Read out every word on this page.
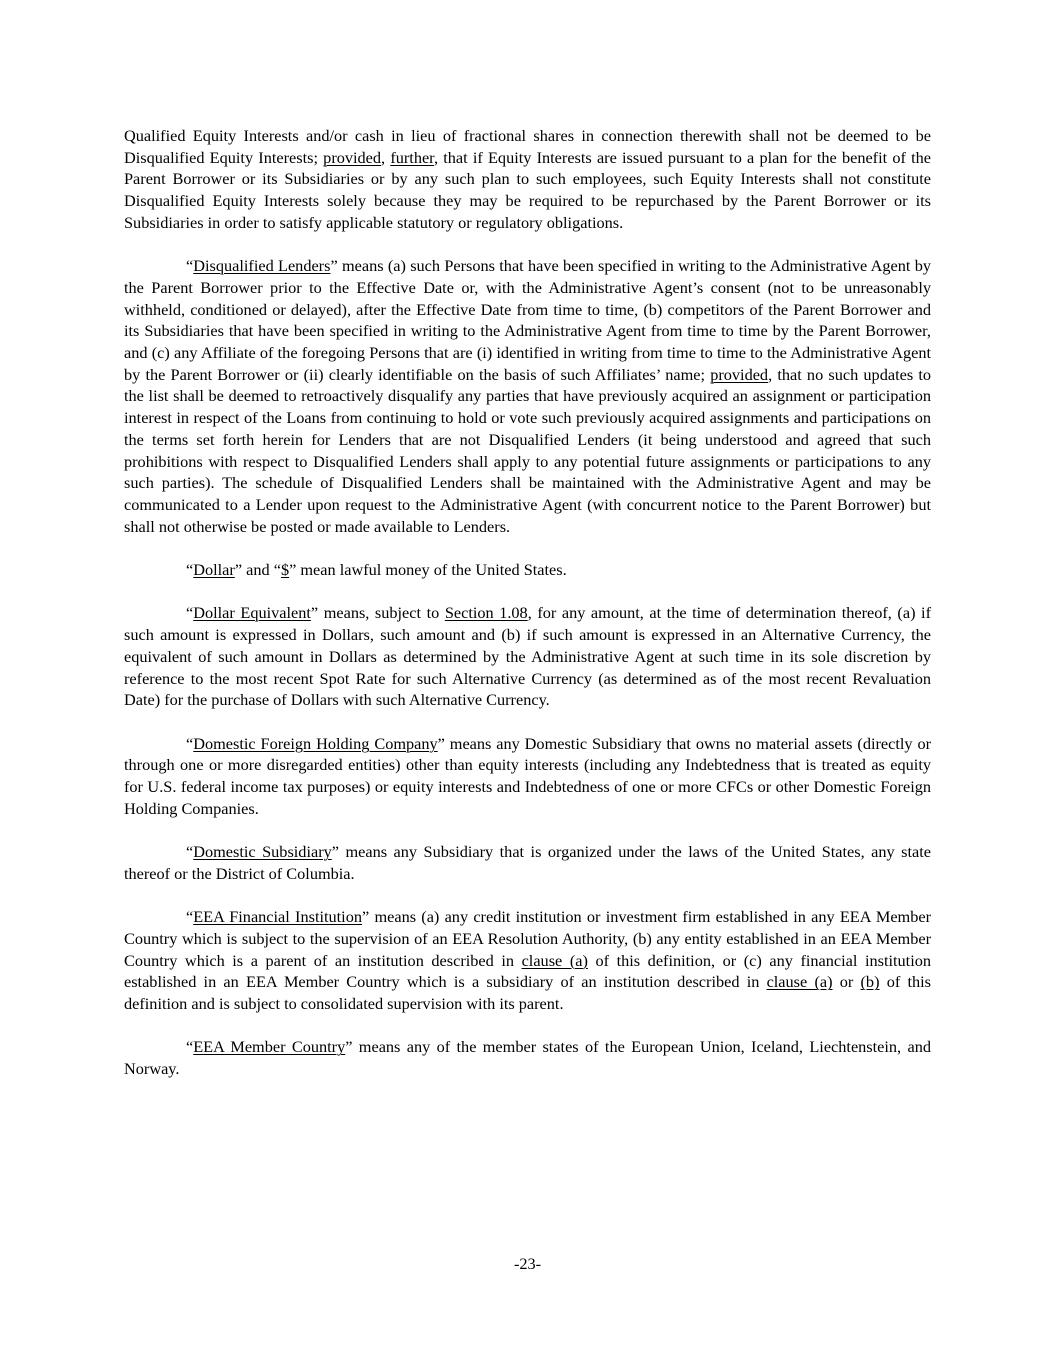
Qualified Equity Interests and/or cash in lieu of fractional shares in connection therewith shall not be deemed to be Disqualified Equity Interests; provided, further, that if Equity Interests are issued pursuant to a plan for the benefit of the Parent Borrower or its Subsidiaries or by any such plan to such employees, such Equity Interests shall not constitute Disqualified Equity Interests solely because they may be required to be repurchased by the Parent Borrower or its Subsidiaries in order to satisfy applicable statutory or regulatory obligations.

“Disqualified Lenders” means (a) such Persons that have been specified in writing to the Administrative Agent by the Parent Borrower prior to the Effective Date or, with the Administrative Agent’s consent (not to be unreasonably withheld, conditioned or delayed), after the Effective Date from time to time, (b) competitors of the Parent Borrower and its Subsidiaries that have been specified in writing to the Administrative Agent from time to time by the Parent Borrower, and (c) any Affiliate of the foregoing Persons that are (i) identified in writing from time to time to the Administrative Agent by the Parent Borrower or (ii) clearly identifiable on the basis of such Affiliates’ name; provided, that no such updates to the list shall be deemed to retroactively disqualify any parties that have previously acquired an assignment or participation interest in respect of the Loans from continuing to hold or vote such previously acquired assignments and participations on the terms set forth herein for Lenders that are not Disqualified Lenders (it being understood and agreed that such prohibitions with respect to Disqualified Lenders shall apply to any potential future assignments or participations to any such parties). The schedule of Disqualified Lenders shall be maintained with the Administrative Agent and may be communicated to a Lender upon request to the Administrative Agent (with concurrent notice to the Parent Borrower) but shall not otherwise be posted or made available to Lenders.

“Dollar” and “$” mean lawful money of the United States.

“Dollar Equivalent” means, subject to Section 1.08, for any amount, at the time of determination thereof, (a) if such amount is expressed in Dollars, such amount and (b) if such amount is expressed in an Alternative Currency, the equivalent of such amount in Dollars as determined by the Administrative Agent at such time in its sole discretion by reference to the most recent Spot Rate for such Alternative Currency (as determined as of the most recent Revaluation Date) for the purchase of Dollars with such Alternative Currency.

“Domestic Foreign Holding Company” means any Domestic Subsidiary that owns no material assets (directly or through one or more disregarded entities) other than equity interests (including any Indebtedness that is treated as equity for U.S. federal income tax purposes) or equity interests and Indebtedness of one or more CFCs or other Domestic Foreign Holding Companies.

“Domestic Subsidiary” means any Subsidiary that is organized under the laws of the United States, any state thereof or the District of Columbia.

“EEA Financial Institution” means (a) any credit institution or investment firm established in any EEA Member Country which is subject to the supervision of an EEA Resolution Authority, (b) any entity established in an EEA Member Country which is a parent of an institution described in clause (a) of this definition, or (c) any financial institution established in an EEA Member Country which is a subsidiary of an institution described in clause (a) or (b) of this definition and is subject to consolidated supervision with its parent.

“EEA Member Country” means any of the member states of the European Union, Iceland, Liechtenstein, and Norway.

-23-
